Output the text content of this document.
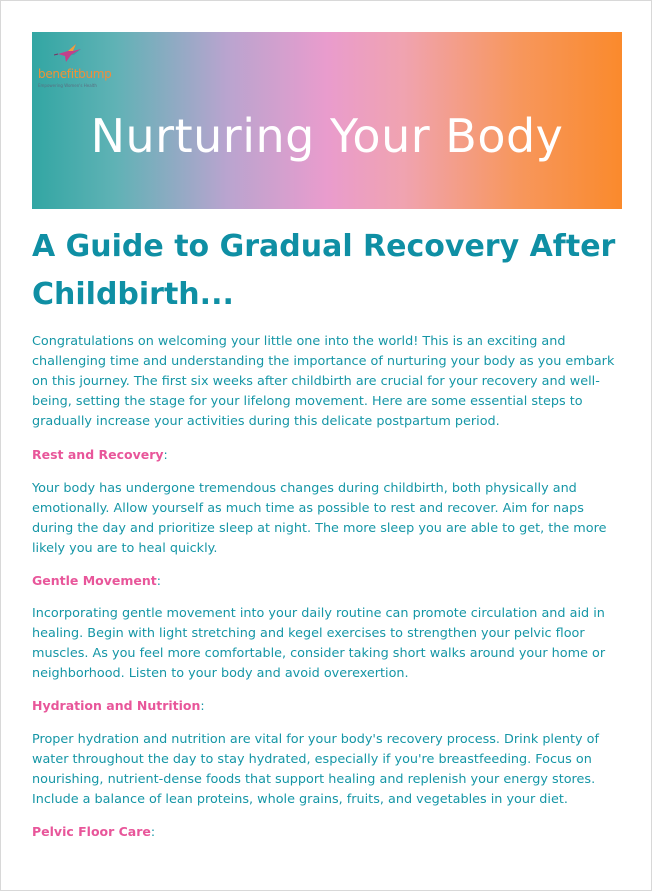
benefitbump
Empowering Women's Health
Nurturing Your Body
A Guide to Gradual Recovery After Childbirth...

Congratulations on welcoming your little one into the world! This is an exciting and challenging time and understanding the importance of nurturing your body as you embark on this journey. The first six weeks after childbirth are crucial for your recovery and well-being, setting the stage for your lifelong movement. Here are some essential steps to gradually increase your activities during this delicate postpartum period.

Rest and Recovery:

Your body has undergone tremendous changes during childbirth, both physically and emotionally. Allow yourself as much time as possible to rest and recover. Aim for naps during the day and prioritize sleep at night. The more sleep you are able to get, the more likely you are to heal quickly.

Gentle Movement:

Incorporating gentle movement into your daily routine can promote circulation and aid in healing. Begin with light stretching and kegel exercises to strengthen your pelvic floor muscles. As you feel more comfortable, consider taking short walks around your home or neighborhood. Listen to your body and avoid overexertion.

Hydration and Nutrition:

Proper hydration and nutrition are vital for your body's recovery process. Drink plenty of water throughout the day to stay hydrated, especially if you're breastfeeding. Focus on nourishing, nutrient-dense foods that support healing and replenish your energy stores. Include a balance of lean proteins, whole grains, fruits, and vegetables in your diet.

Pelvic Floor Care:
